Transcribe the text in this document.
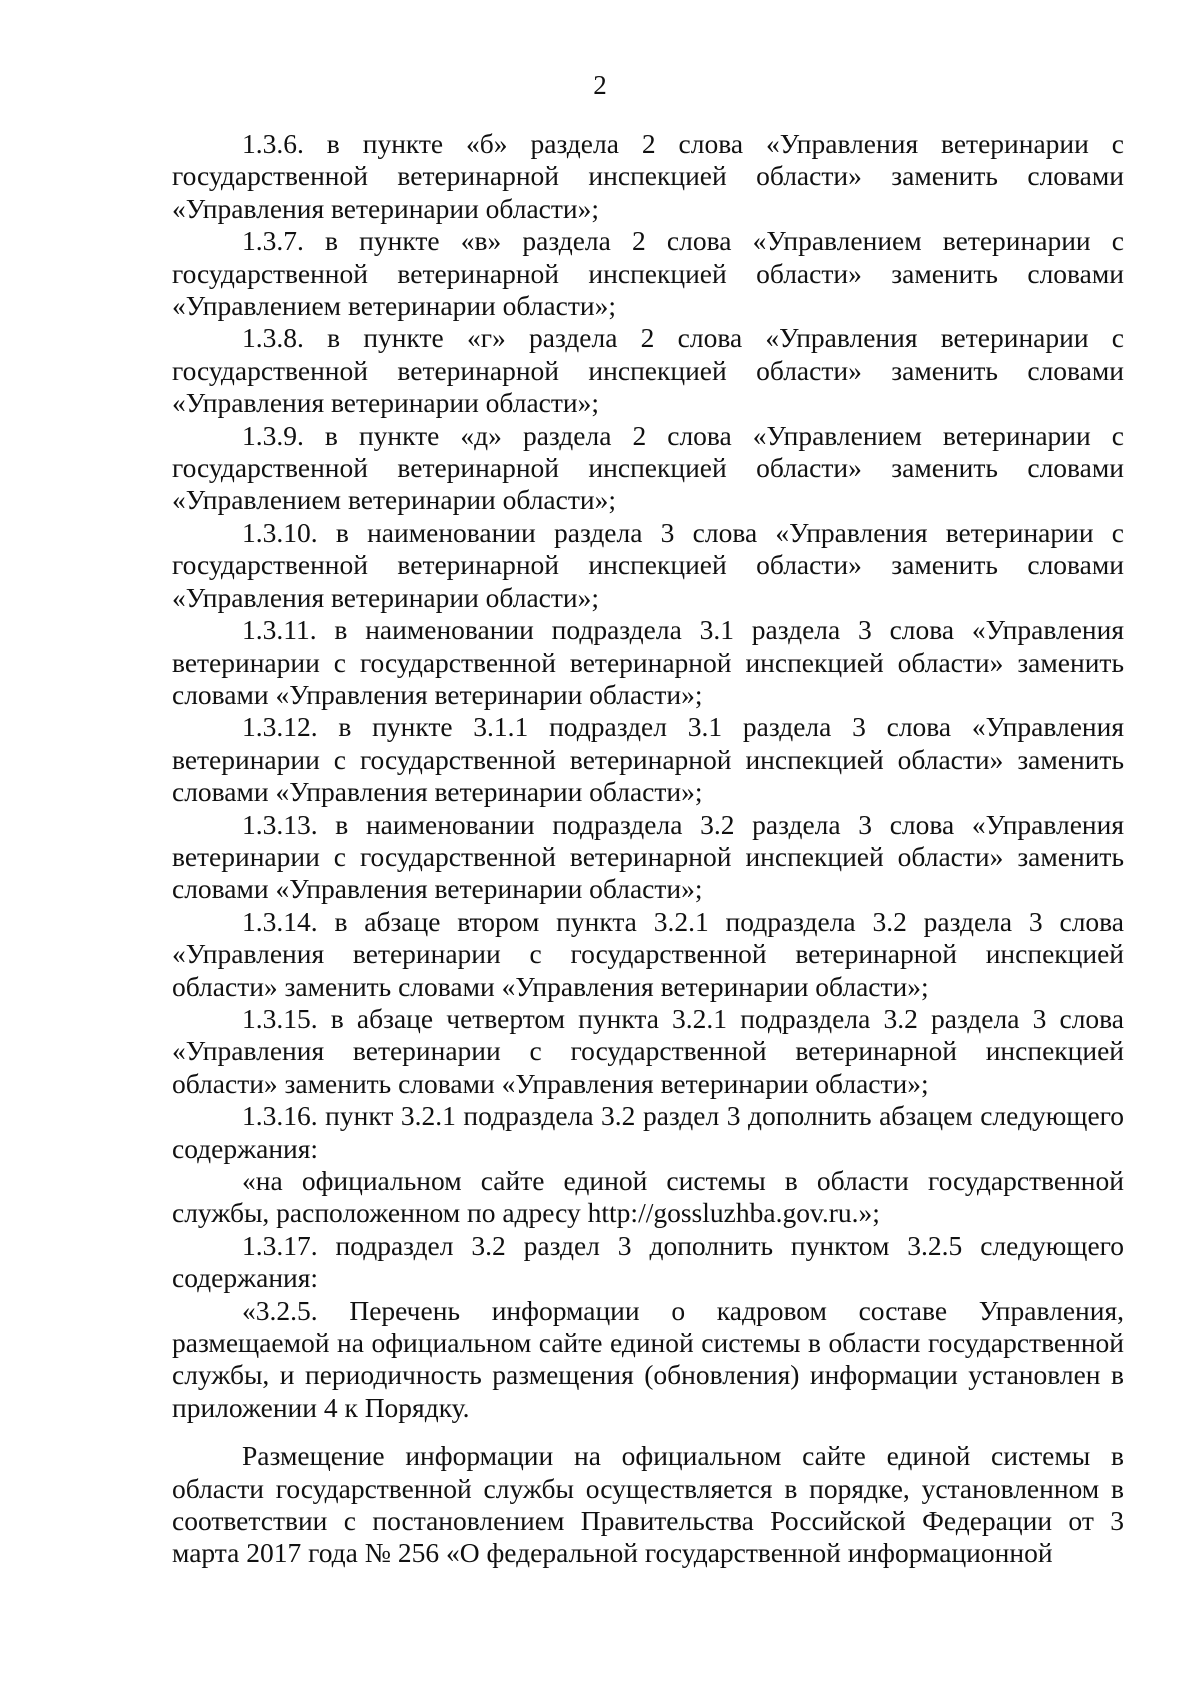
2

1.3.6. в пункте «б» раздела 2 слова «Управления ветеринарии с государственной ветеринарной инспекцией области» заменить словами «Управления ветеринарии области»;

1.3.7. в пункте «в» раздела 2 слова «Управлением ветеринарии с государственной ветеринарной инспекцией области» заменить словами «Управлением ветеринарии области»;

1.3.8. в пункте «г» раздела 2 слова «Управления ветеринарии с государственной ветеринарной инспекцией области» заменить словами «Управления ветеринарии области»;

1.3.9. в пункте «д» раздела 2 слова «Управлением ветеринарии с государственной ветеринарной инспекцией области» заменить словами «Управлением ветеринарии области»;

1.3.10. в наименовании раздела 3 слова «Управления ветеринарии с государственной ветеринарной инспекцией области» заменить словами «Управления ветеринарии области»;

1.3.11. в наименовании подраздела 3.1 раздела 3 слова «Управления ветеринарии с государственной ветеринарной инспекцией области» заменить словами «Управления ветеринарии области»;

1.3.12. в пункте 3.1.1 подраздел 3.1 раздела 3 слова «Управления ветеринарии с государственной ветеринарной инспекцией области» заменить словами «Управления ветеринарии области»;

1.3.13. в наименовании подраздела 3.2 раздела 3 слова «Управления ветеринарии с государственной ветеринарной инспекцией области» заменить словами «Управления ветеринарии области»;

1.3.14. в абзаце втором пункта 3.2.1 подраздела 3.2 раздела 3 слова «Управления ветеринарии с государственной ветеринарной инспекцией области» заменить словами «Управления ветеринарии области»;

1.3.15. в абзаце четвертом пункта 3.2.1 подраздела 3.2 раздела 3 слова «Управления ветеринарии с государственной ветеринарной инспекцией области» заменить словами «Управления ветеринарии области»;

1.3.16. пункт 3.2.1 подраздела 3.2 раздел 3 дополнить абзацем следующего содержания:

«на официальном сайте единой системы в области государственной службы, расположенном по адресу http://gossluzhba.gov.ru.»;

1.3.17. подраздел 3.2 раздел 3 дополнить пунктом 3.2.5 следующего содержания:

«3.2.5. Перечень информации о кадровом составе Управления, размещаемой на официальном сайте единой системы в области государственной службы, и периодичность размещения (обновления) информации установлен в приложении 4 к Порядку.

Размещение информации на официальном сайте единой системы в области государственной службы осуществляется в порядке, установленном в соответствии с постановлением Правительства Российской Федерации от 3 марта 2017 года № 256 «О федеральной государственной информационной
